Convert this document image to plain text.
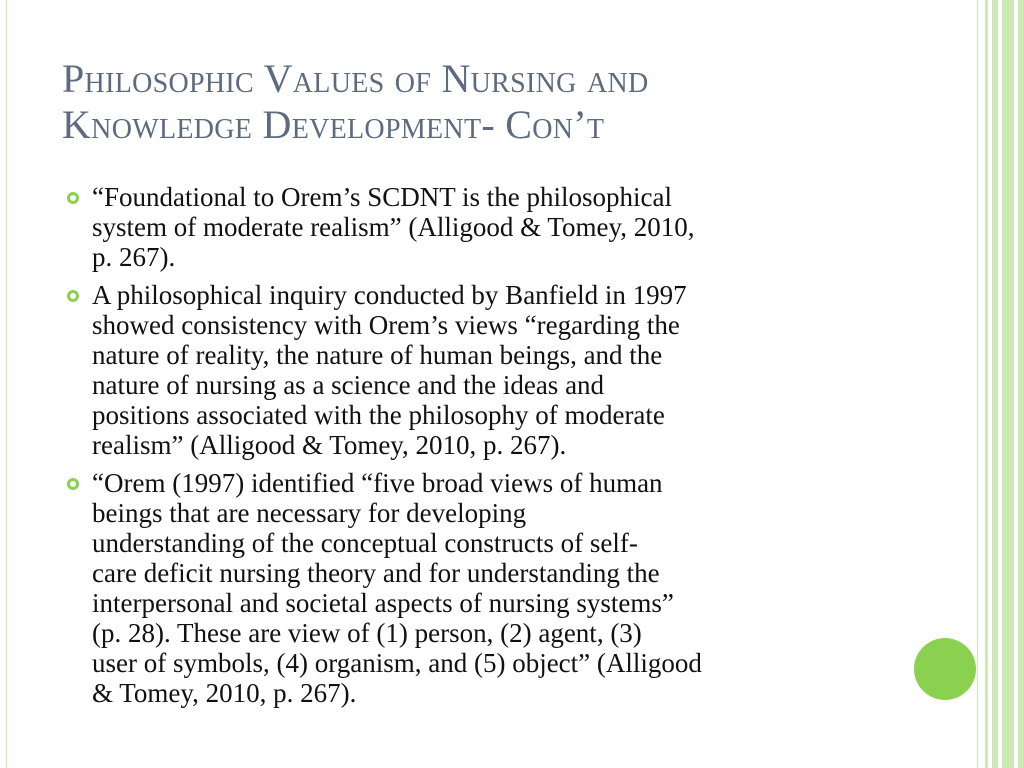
Philosophic Values of Nursing and
Knowledge Development- Con’t
“Foundational to Orem’s SCDNT is the philosophical
system of moderate realism” (Alligood & Tomey, 2010,
p. 267).
A philosophical inquiry conducted by Banfield in 1997
showed consistency with Orem’s views “regarding the
nature of reality, the nature of human beings, and the
nature of nursing as a science and the ideas and
positions associated with the philosophy of moderate
realism” (Alligood & Tomey, 2010, p. 267).
“Orem (1997) identified “five broad views of human
beings that are necessary for developing
understanding of the conceptual constructs of self-
care deficit nursing theory and for understanding the
interpersonal and societal aspects of nursing systems”
(p. 28). These are view of (1) person, (2) agent, (3)
user of symbols, (4) organism, and (5) object” (Alligood
& Tomey, 2010, p. 267).
